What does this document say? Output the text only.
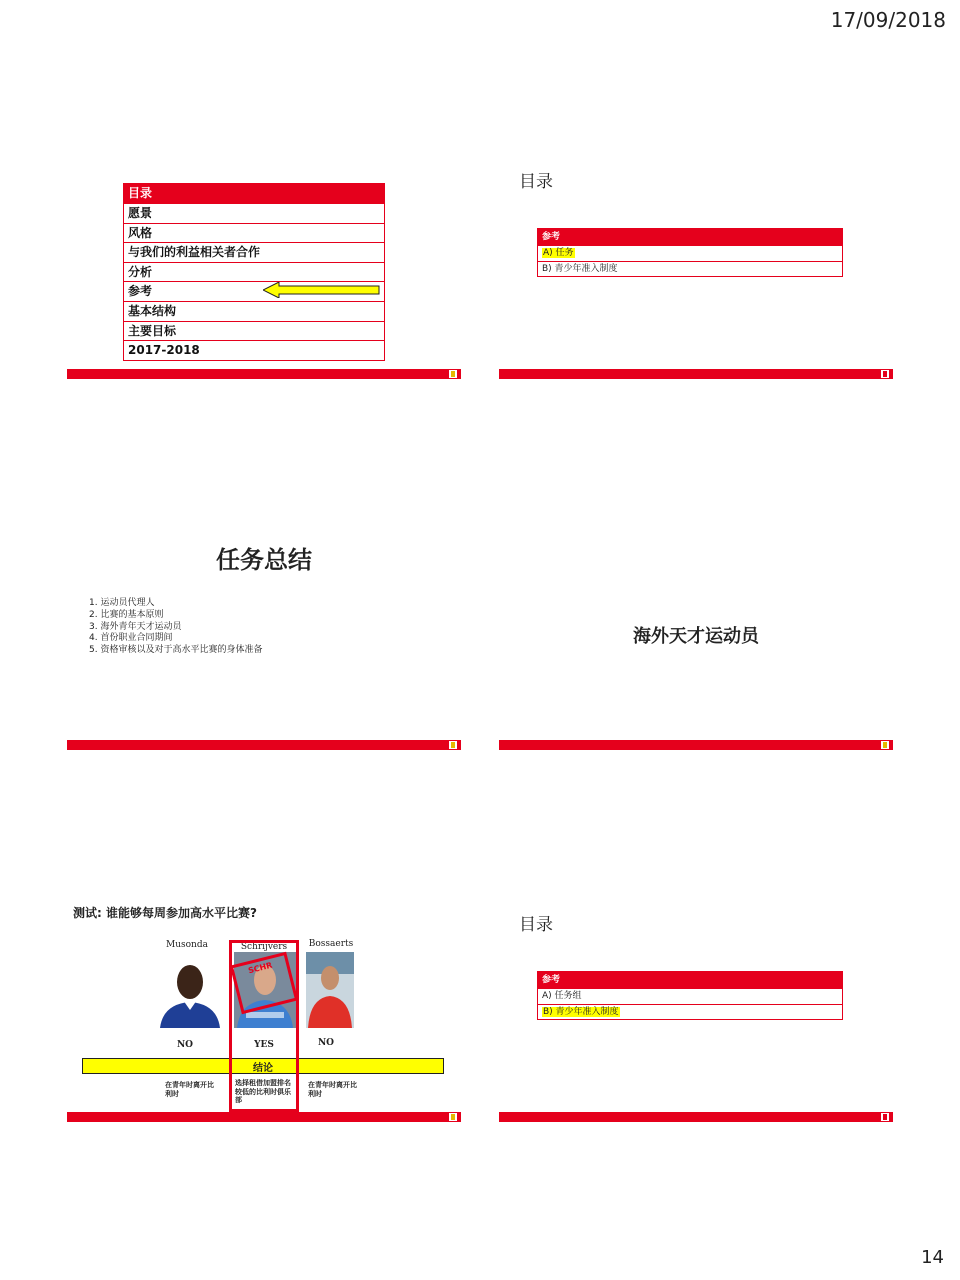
17/09/2018
目录
愿景
风格
与我们的利益相关者合作
分析
参考
基本结构
主要目标
2017-2018
目录
参考
A) 任务
B) 青少年准入制度
任务总结
1. 运动员代理人
2. 比赛的基本原则
3. 海外青年天才运动员
4. 首份职业合同期间
5. 资格审核以及对于高水平比赛的身体准备
海外天才运动员
测试: 谁能够每周参加高水平比赛?
Musonda	Schrijvers	Bossaerts
SCHR
NO	YES	NO
结论
在青年时离开比利时
选择租借加盟排名较低的比利时俱乐部
在青年时离开比利时
目录
参考
A) 任务组
B) 青少年准入制度
14
